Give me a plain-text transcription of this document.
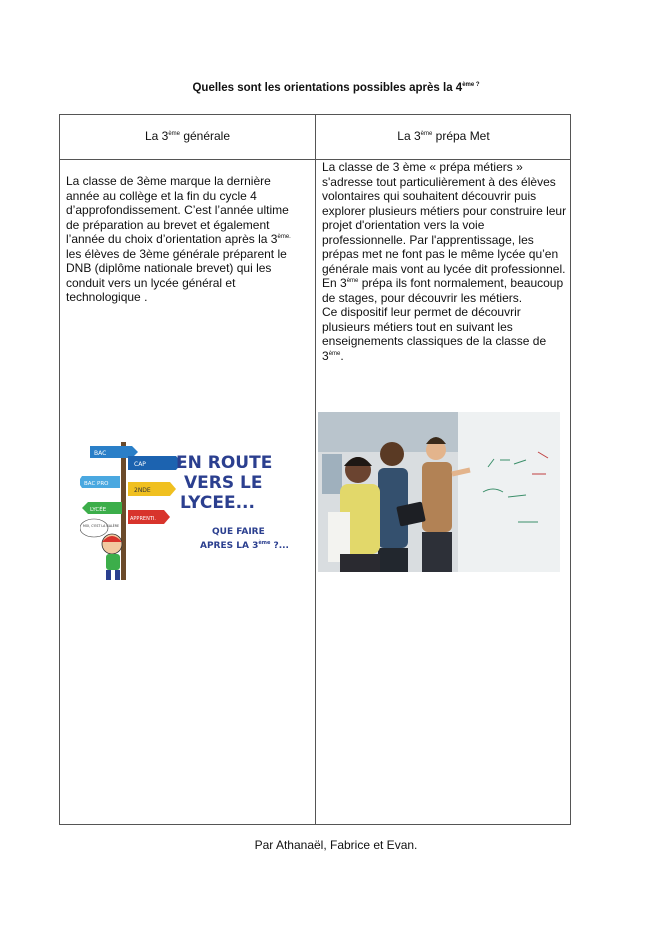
Quelles sont les orientations possibles après la $4^{ème ?}$
La 3ème générale	La 3ème prépa Met

La classe de 3ème marque la dernière année au collège et la fin du cycle 4 d’approfondissement. C’est l’année ultime de préparation au brevet et également l’année du choix d’orientation après la $3^{ème.}$ les élèves de 3ème générale préparent le DNB (diplôme nationale brevet) qui les conduit vers un lycée général et technologique .

La classe de 3 ème « prépa métiers » s'adresse tout particulièrement à des élèves volontaires qui souhaitent découvrir puis explorer plusieurs métiers pour construire leur projet d'orientation vers la voie professionnelle. Par l'apprentissage, les prépas met ne font pas le même lycée qu’en générale mais vont au lycée dit professionnel. En 3ème prépa ils font normalement, beaucoup de stages, pour découvrir les métiers.
Ce dispositif leur permet de découvrir plusieurs métiers tout en suivant les enseignements classiques de la classe de 3ème.
BAC
CAP
BAC PRO
2NDE
LYCÉE
APPRENTI.
MOI, C'EST LA GALÈRE
EN ROUTE
VERS LE
LYCEE...
QUE FAIRE
APRES LA 3ème ?...
Par Athanaël, Fabrice et Evan.
